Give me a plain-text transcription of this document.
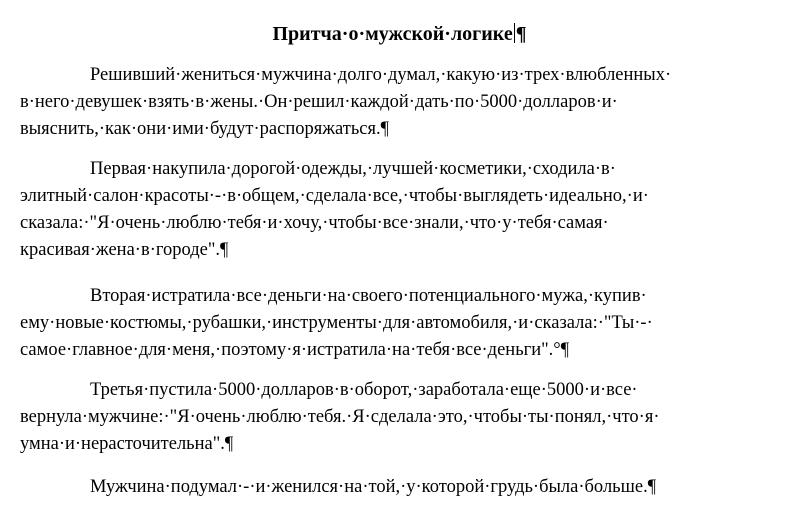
Притча·о·мужской·логике ¶

Решивший·жениться·мужчина·долго·думал,·какую·из·трех·влюбленных·
в·него·девушек·взять·в·жены.·Он·решил·каждой·дать·по·5000·долларов·и·
выяснить,·как·они·ими·будут·распоряжаться.¶

Первая·накупила·дорогой·одежды,·лучшей·косметики,·сходила·в·
элитный·салон·красоты·-·в·общем,·сделала·все,·чтобы·выглядеть·идеально,·и·
сказала:·"Я·очень·люблю·тебя·и·хочу,·чтобы·все·знали,·что·у·тебя·самая·
красивая·жена·в·городе".¶

Вторая·истратила·все·деньги·на·своего·потенциального·мужа,·купив·
ему·новые·костюмы,·рубашки,·инструменты·для·автомобиля,·и·сказала:·"Ты·-·
самое·главное·для·меня,·поэтому·я·истратила·на·тебя·все·деньги".°¶

Третья·пустила·5000·долларов·в·оборот,·заработала·еще·5000·и·все·
вернула·мужчине:·"Я·очень·люблю·тебя.·Я·сделала·это,·чтобы·ты·понял,·что·я·
умна·и·нерасточительна".¶

Мужчина·подумал·-·и·женился·на·той,·у·которой·грудь·была·больше.¶
